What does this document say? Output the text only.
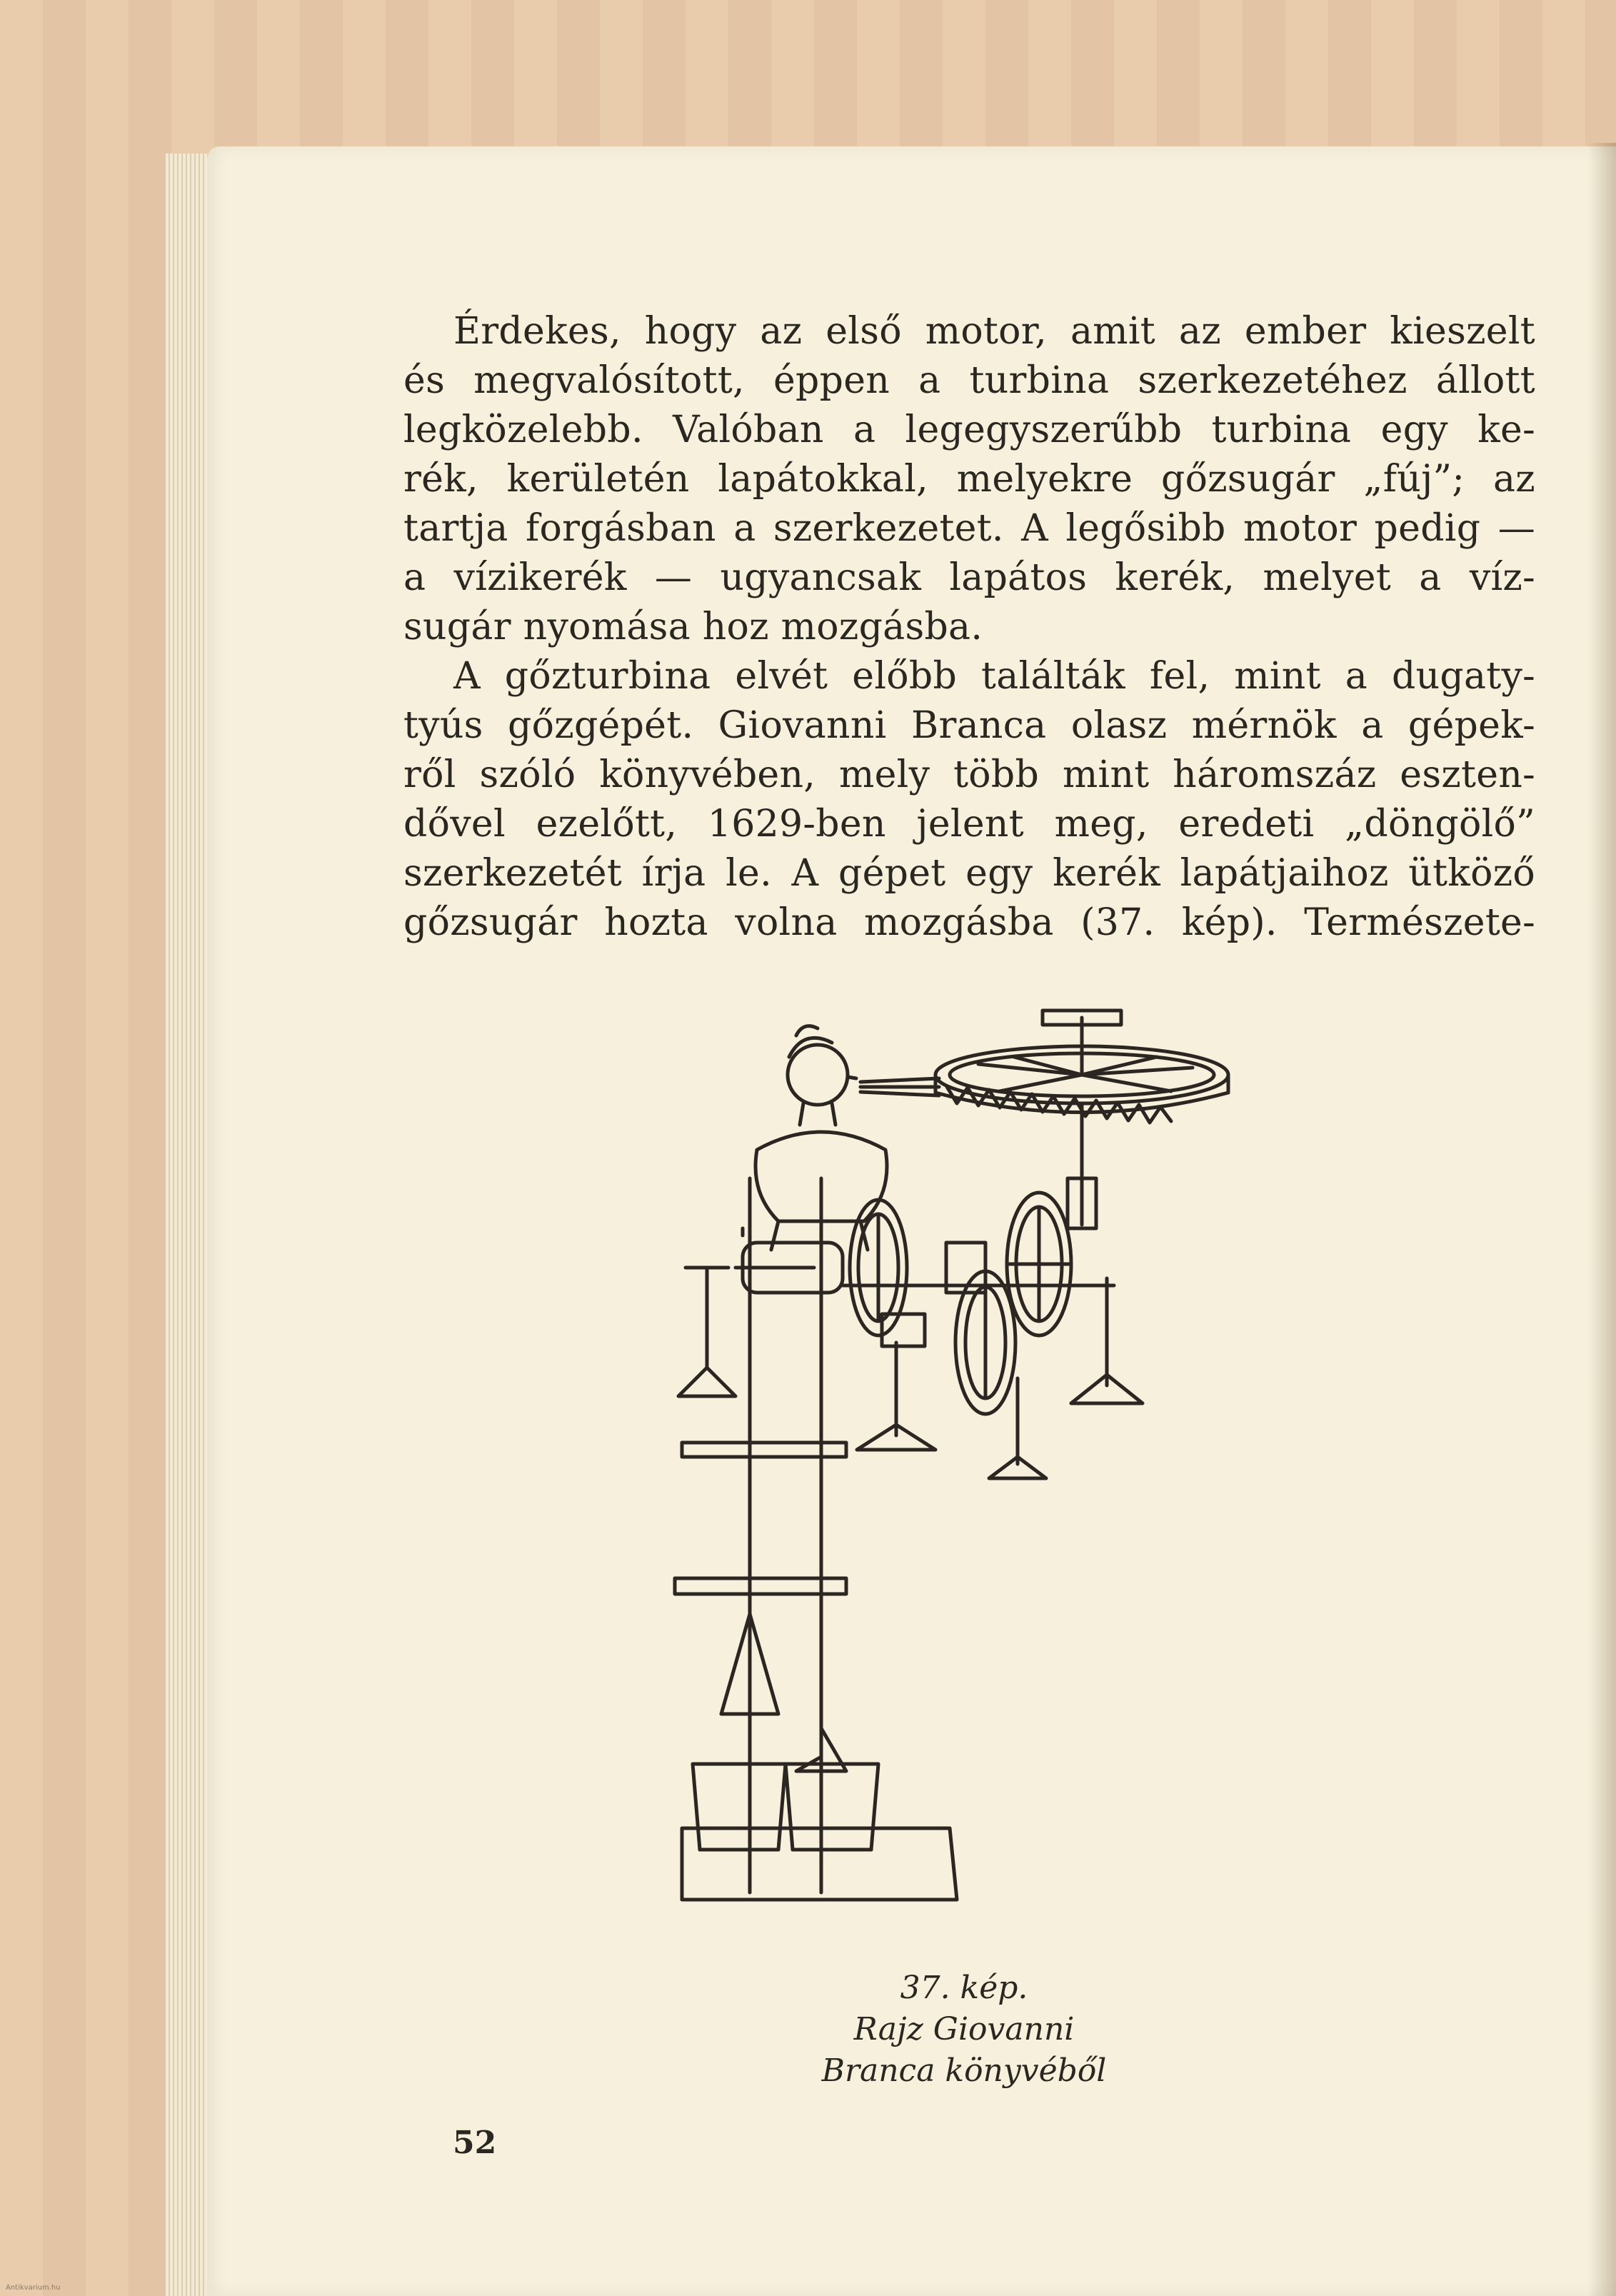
Érdekes, hogy az első motor, amit az ember kieszelt
és megvalósított, éppen a turbina szerkezetéhez állott
legközelebb. Valóban a legegyszerűbb turbina egy ke-
rék, kerületén lapátokkal, melyekre gőzsugár „fúj”; az
tartja forgásban a szerkezetet. A legősibb motor pedig —
a vízikerék — ugyancsak lapátos kerék, melyet a víz-
sugár nyomása hoz mozgásba.
A gőzturbina elvét előbb találták fel, mint a dugaty-
tyús gőzgépét. Giovanni Branca olasz mérnök a gépek-
ről szóló könyvében, mely több mint háromszáz eszten-
dővel ezelőtt, 1629-ben jelent meg, eredeti „döngölő”
szerkezetét írja le. A gépet egy kerék lapátjaihoz ütköző
gőzsugár hozta volna mozgásba (37. kép). Természete-
37. kép.
Rajz Giovanni
Branca könyvéből
52
Antikvarium.hu
